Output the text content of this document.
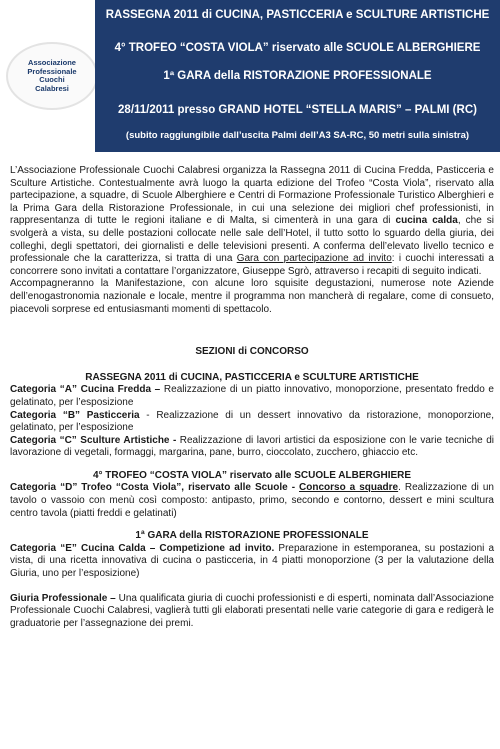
Associazione
Professionale
Cuochi
Calabresi
RASSEGNA 2011 di CUCINA, PASTICCERIA e SCULTURE ARTISTICHE
4° TROFEO “COSTA VIOLA” riservato alle SCUOLE ALBERGHIERE
1ª GARA della RISTORAZIONE PROFESSIONALE
28/11/2011 presso GRAND HOTEL “STELLA MARIS” – PALMI (RC)
(subito raggiungibile dall’uscita Palmi dell’A3 SA-RC, 50 metri sulla sinistra)

L’Associazione Professionale Cuochi Calabresi organizza la Rassegna 2011 di Cucina Fredda, Pasticceria e Sculture Artistiche. Contestualmente avrà luogo la quarta edizione del Trofeo “Costa Viola”, riservato alla partecipazione, a squadre, di Scuole Alberghiere e Centri di Formazione Professionale Turistico Alberghieri e la Prima Gara della Ristorazione Professionale, in cui una selezione dei migliori chef professionisti, in rappresentanza di tutte le regioni italiane e di Malta, si cimenterà in una gara di cucina calda, che si svolgerà a vista, su delle postazioni collocate nelle sale dell’Hotel, il tutto sotto lo sguardo della giuria, dei colleghi, degli spettatori, dei giornalisti e delle televisioni presenti. A conferma dell’elevato livello tecnico e professionale che la caratterizza, si tratta di una Gara con partecipazione ad invito: i cuochi interessati a concorrere sono invitati a contattare l’organizzatore, Giuseppe Sgrò, attraverso i recapiti di seguito indicati.

Accompagneranno la Manifestazione, con alcune loro squisite degustazioni, numerose note Aziende dell’enogastronomia nazionale e locale, mentre il programma non mancherà di regalare, come di consueto, piacevoli sorprese ed entusiasmanti momenti di spettacolo.

SEZIONI di CONCORSO

RASSEGNA 2011 di CUCINA, PASTICCERIA e SCULTURE ARTISTICHE

Categoria “A” Cucina Fredda – Realizzazione di un piatto innovativo, monoporzione, presentato freddo e gelatinato, per l’esposizione

Categoria “B” Pasticceria - Realizzazione di un dessert innovativo da ristorazione, monoporzione, gelatinato, per l’esposizione

Categoria “C” Sculture Artistiche - Realizzazione di lavori artistici da esposizione con le varie tecniche di lavorazione di vegetali, formaggi, margarina, pane, burro, cioccolato, zucchero, ghiaccio etc.

4° TROFEO “COSTA VIOLA” riservato alle SCUOLE ALBERGHIERE

Categoria “D” Trofeo “Costa Viola”, riservato alle Scuole - Concorso a squadre. Realizzazione di un tavolo o vassoio con menù così composto: antipasto, primo, secondo e contorno, dessert e mini scultura centro tavola (piatti freddi e gelatinati)

1ª GARA della RISTORAZIONE PROFESSIONALE

Categoria “E” Cucina Calda – Competizione ad invito. Preparazione in estemporanea, su postazioni a vista, di una ricetta innovativa di cucina o pasticceria, in 4 piatti monoporzione (3 per la valutazione della Giuria, uno per l’esposizione)

Giuria Professionale – Una qualificata giuria di cuochi professionisti e di esperti, nominata dall’Associazione Professionale Cuochi Calabresi, vaglierà tutti gli elaborati presentati nelle varie categorie di gara e redigerà le graduatorie per l’assegnazione dei premi.
